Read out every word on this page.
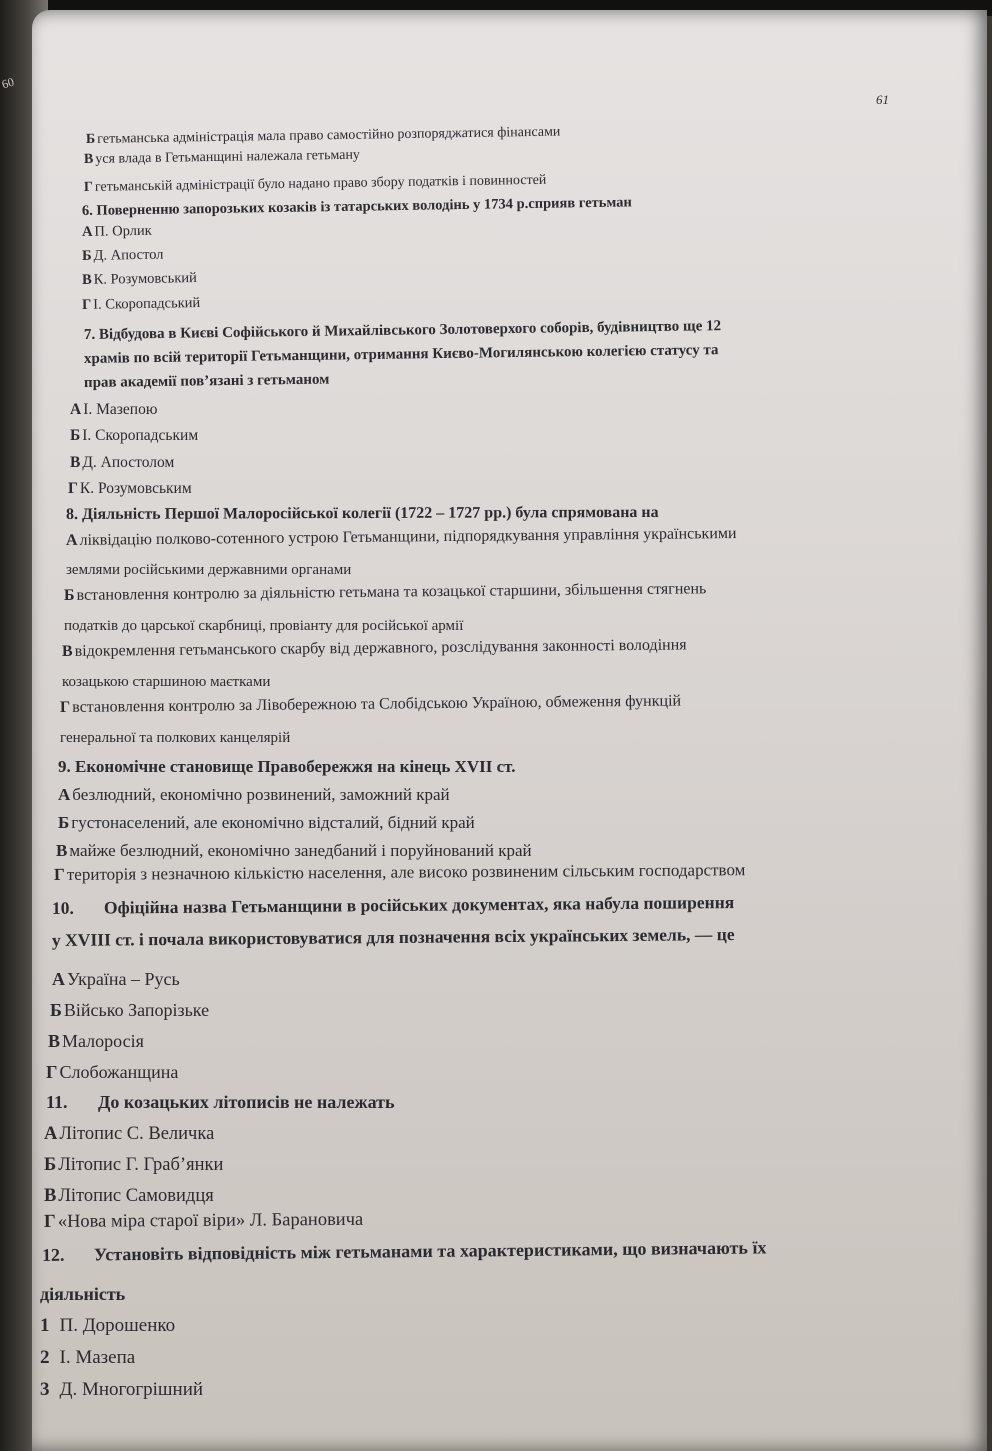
60
61
Б гетьманська адміністрація мала право самостійно розпоряджатися фінансами
В уся влада в Гетьманщині належала гетьману
Г гетьманській адміністрації було надано право збору податків і повинностей
6. Поверненню запорозьких козаків із татарських володінь у 1734 р.сприяв гетьман
А П. Орлик
Б Д. Апостол
В К. Розумовський
Г І. Скоропадський
7. Відбудова в Києві Софійського й Михайлівського Золотоверхого соборів, будівництво ще 12
храмів по всій території Гетьманщини, отримання Києво-Могилянською колегією статусу та
прав академії пов’язані з гетьманом
А І. Мазепою
Б І. Скоропадським
В Д. Апостолом
Г К. Розумовським
8. Діяльність Першої Малоросійської колегії (1722 – 1727 рр.) була спрямована на
А ліквідацію полково-сотенного устрою Гетьманщини, підпорядкування управління українськими
землями російськими державними органами
Б встановлення контролю за діяльністю гетьмана та козацької старшини, збільшення стягнень
податків до царської скарбниці, провіанту для російської армії
В відокремлення гетьманського скарбу від державного, розслідування законності володіння
козацькою старшиною маєтками
Г встановлення контролю за Лівобережною та Слобідською Україною, обмеження функцій
генеральної та полкових канцелярій
9. Економічне становище Правобережжя на кінець XVII ст.
А безлюдний, економічно розвинений, заможний край
Б густонаселений, але економічно відсталий, бідний край
В майже безлюдний, економічно занедбаний і поруйнований край
Г територія з незначною кількістю населення, але високо розвиненим сільським господарством
10. Офіційна назва Гетьманщини в російських документах, яка набула поширення
у XVIII ст. і почала використовуватися для позначення всіх українських земель, — це
А Україна – Русь
Б Військо Запорізьке
В Малоросія
Г Слобожанщина
11. До козацьких літописів не належать
А Літопис С. Величка
Б Літопис Г. Граб’янки
В Літопис Самовидця
Г «Нова міра старої віри» Л. Барановича
12. Установіть відповідність між гетьманами та характеристиками, що визначають їх
діяльність
1 П. Дорошенко
2 І. Мазепа
3 Д. Многогрішний
